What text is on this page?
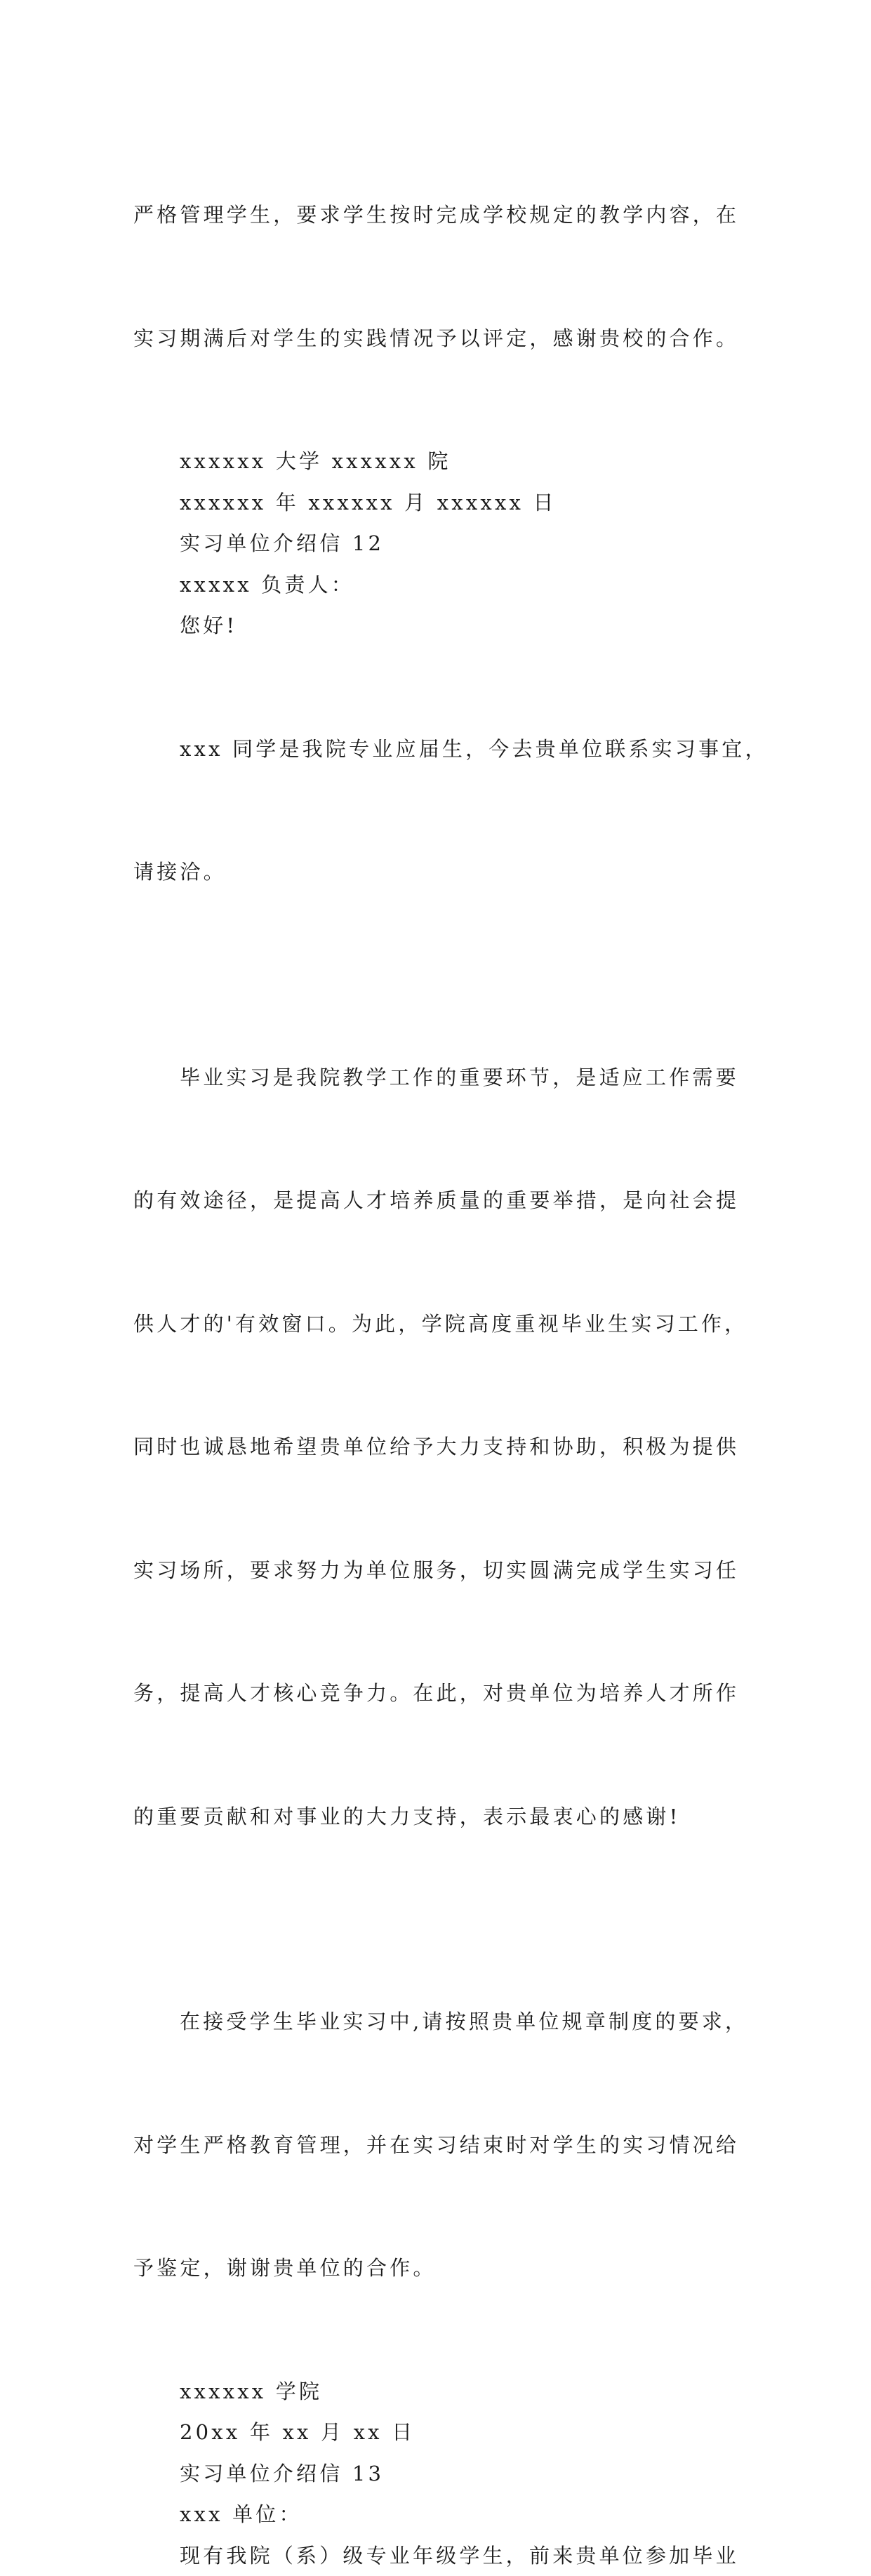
严格管理学生，要求学生按时完成学校规定的教学内容，在

实习期满后对学生的实践情况予以评定，感谢贵校的合作。

xxxxxx 大学 xxxxxx 院

xxxxxx 年 xxxxxx 月 xxxxxx 日

实习单位介绍信 12

xxxxx 负责人：

您好!

xxx 同学是我院专业应届生，今去贵单位联系实习事宜，

请接洽。

毕业实习是我院教学工作的重要环节，是适应工作需要

的有效途径，是提高人才培养质量的重要举措，是向社会提

供人才的'有效窗口。为此，学院高度重视毕业生实习工作，

同时也诚恳地希望贵单位给予大力支持和协助，积极为提供

实习场所，要求努力为单位服务，切实圆满完成学生实习任

务，提高人才核心竞争力。在此，对贵单位为培养人才所作

的重要贡献和对事业的大力支持，表示最衷心的感谢!

在接受学生毕业实习中,请按照贵单位规章制度的要求，

对学生严格教育管理，并在实习结束时对学生的实习情况给

予鉴定，谢谢贵单位的合作。

xxxxxx 学院

20xx 年 xx 月 xx 日

实习单位介绍信 13

xxx 单位：

现有我院（系）级专业年级学生，前来贵单位参加毕业
